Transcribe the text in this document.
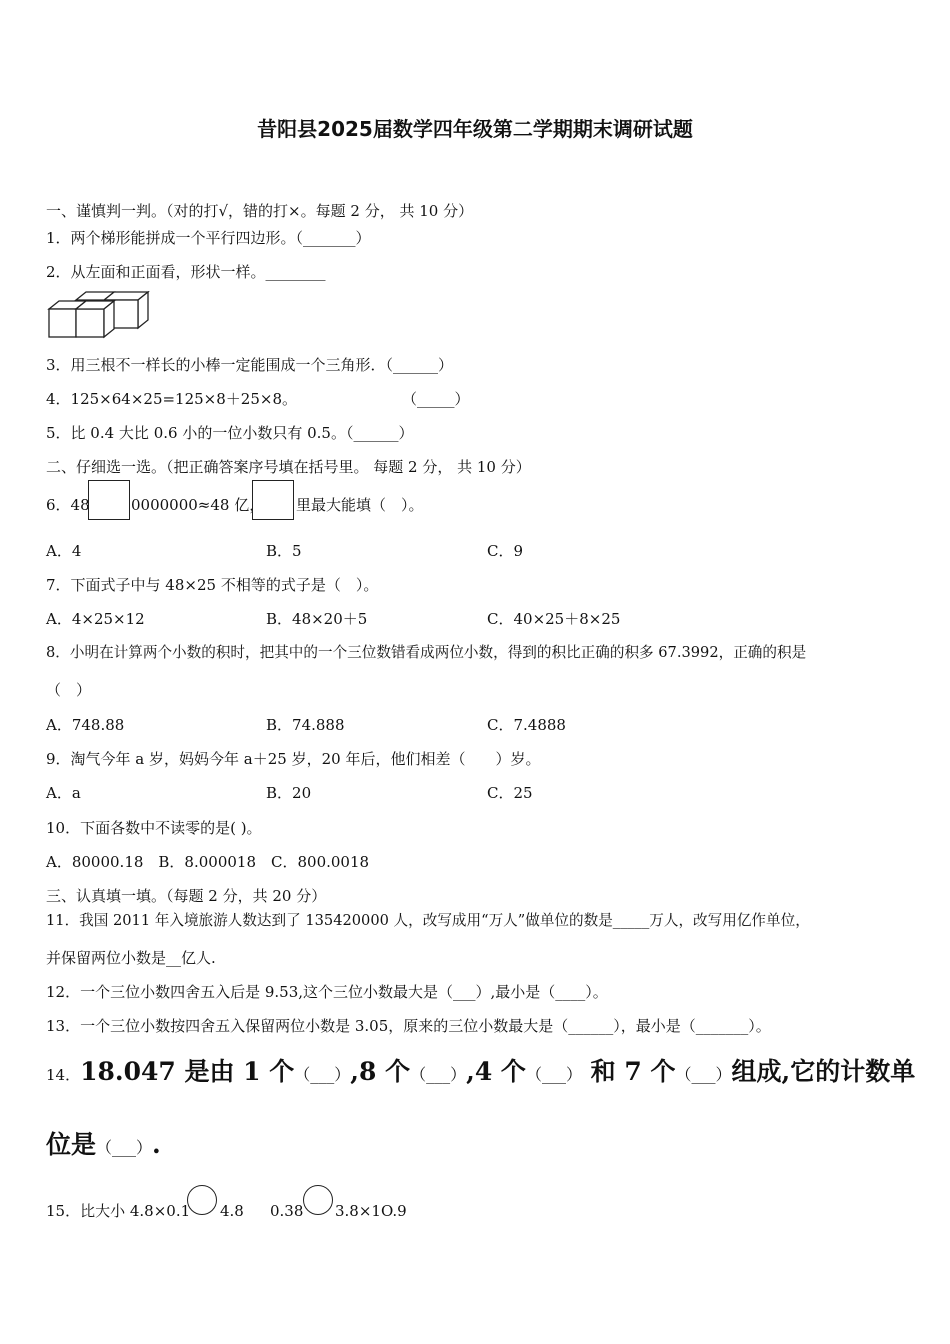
昔阳县2025届数学四年级第二学期期末调研试题
一、谨慎判一判。（对的打√，错的打×。每题 2 分， 共 10 分）
1．两个梯形能拼成一个平行四边形。（_______）
2．从左面和正面看，形状一样。________
3．用三根不一样长的小棒一定能围成一个三角形．（______）
4．125×64×25=125×8＋25×8。	（_____）
5．比 0.4 大比 0.6 小的一位小数只有 0.5。（______）
二、仔细选一选。（把正确答案序号填在括号里。 每题 2 分， 共 10 分）
6．48	0000000≈48 亿， 里最大能填（　）。
A．4	B．5	C．9
7．下面式子中与 48×25 不相等的式子是（　）。
A．4×25×12	B．48×20＋5	C．40×25＋8×25
8．小明在计算两个小数的积时，把其中的一个三位数错看成两位小数，得到的积比正确的积多 67.3992，正确的积是
（　）
A．748.88	B．74.888	C．7.4888
9．淘气今年 a 岁，妈妈今年 a＋25 岁，20 年后，他们相差（　　）岁。
A．a	B．20	C．25
10．下面各数中不读零的是( )。
A．80000.18　B．8.000018　C．800.0018
三、认真填一填。（每题 2 分，共 20 分）
11．我国 2011 年入境旅游人数达到了 135420000 人，改写成用“万人”做单位的数是_____万人，改写用亿作单位，
并保留两位小数是__亿人.
12．一个三位小数四舍五入后是 9.53,这个三位小数最大是（___）,最小是（____）。
13．一个三位小数按四舍五入保留两位小数是 3.05，原来的三位小数最大是（______），最小是（_______）。
14．18.047 是由 1 个（___）,8 个（___）,4 个（___） 和 7 个（___）组成,它的计数单
位是（___）.
15．比大小 4.8×0.1 4.8 0.38 3.8×1O.9
